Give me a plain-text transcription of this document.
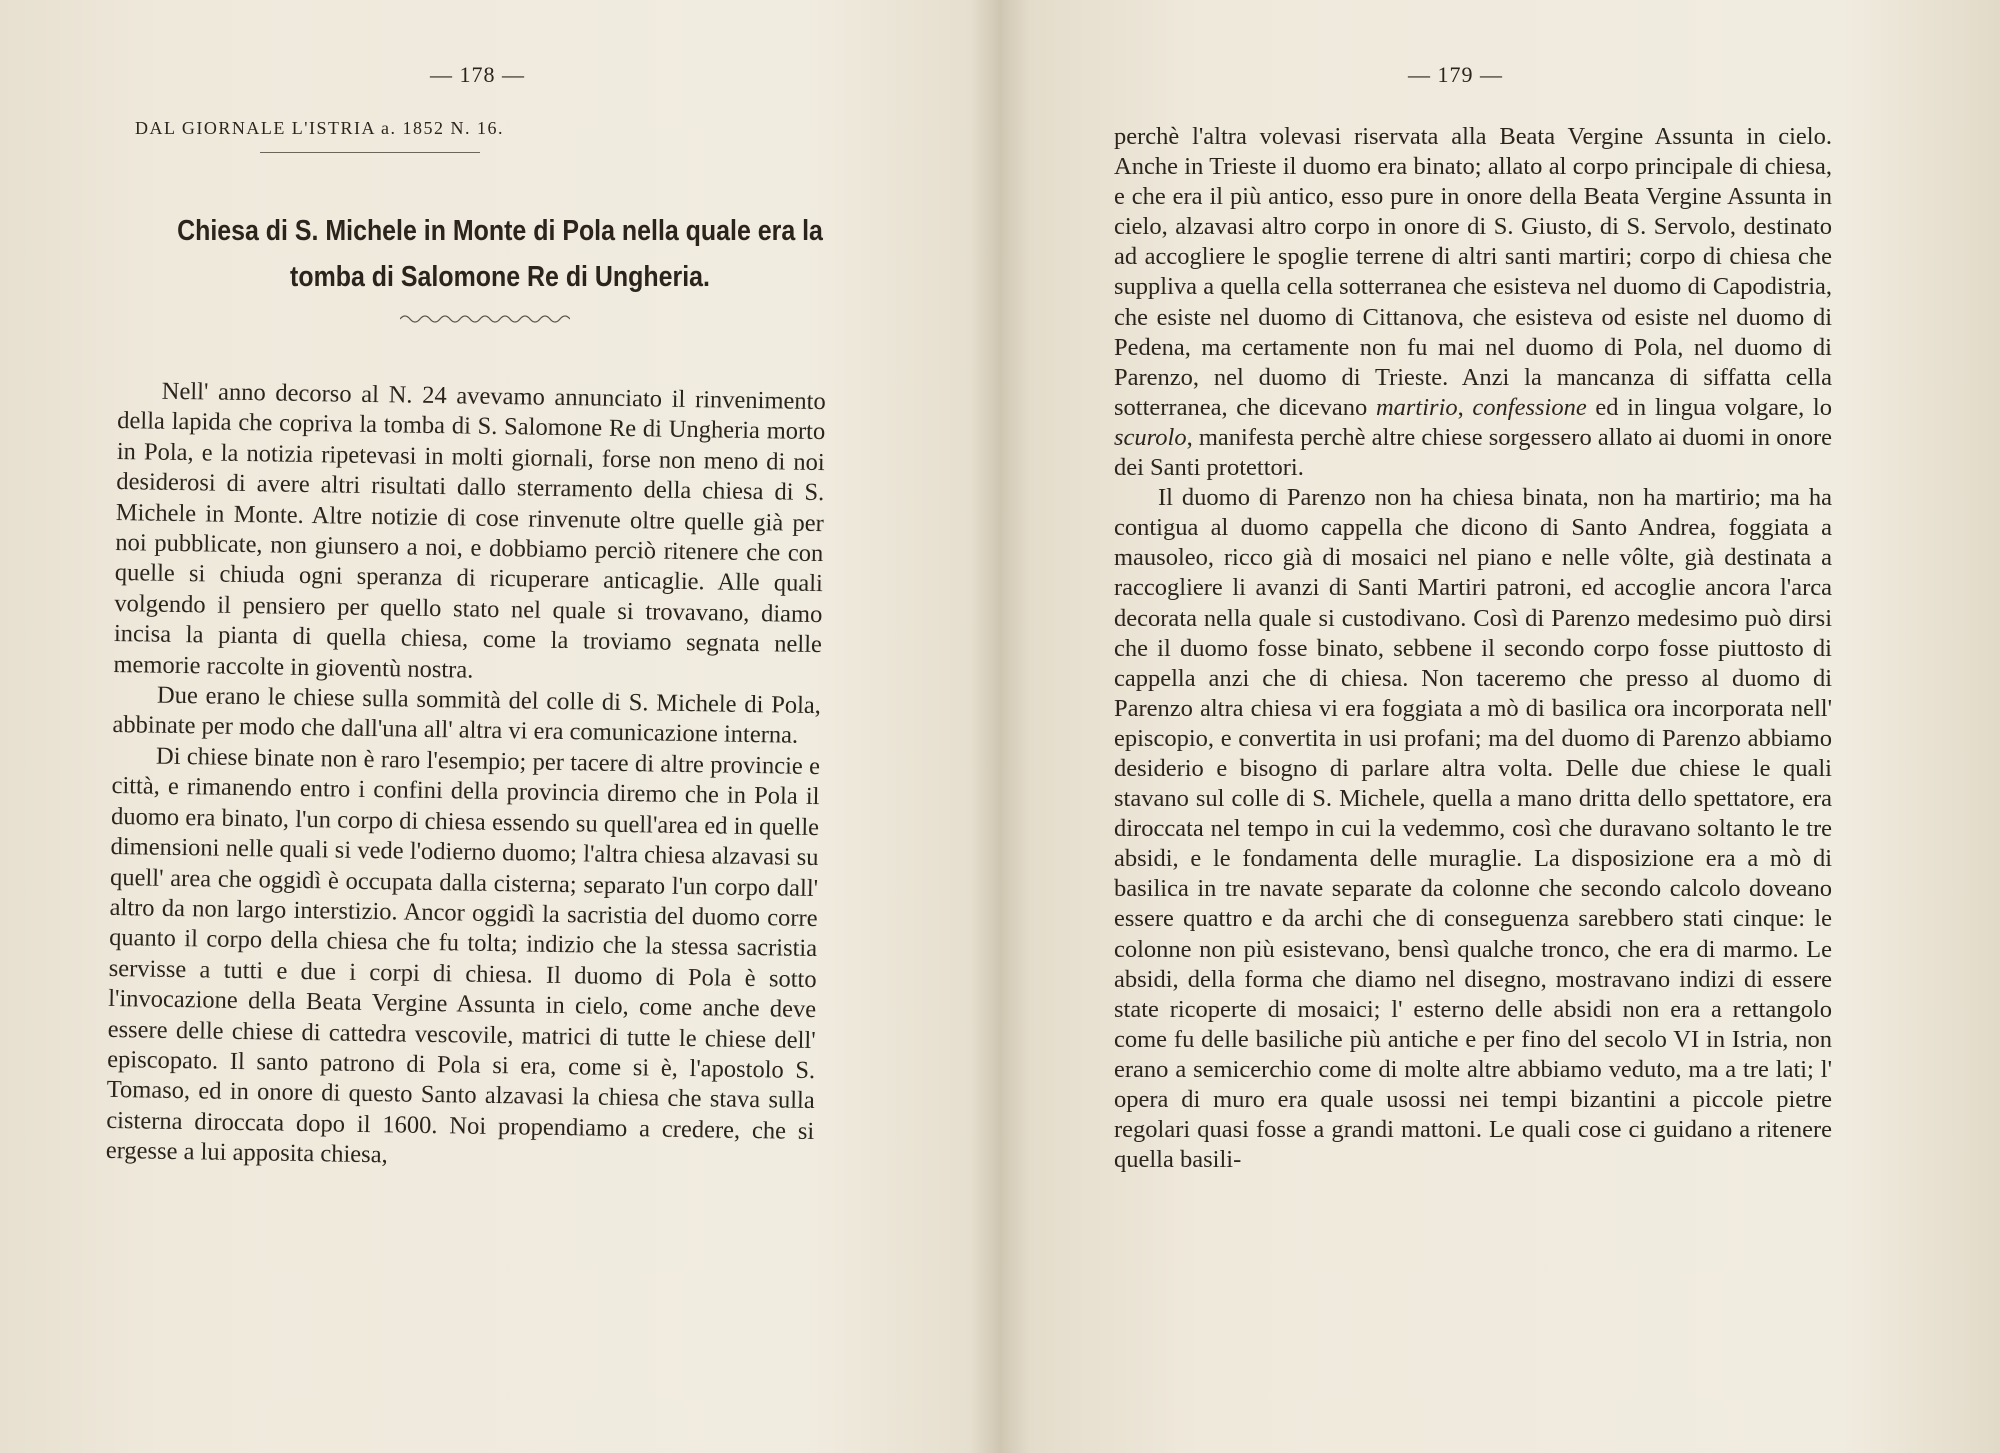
— 178 —
DAL GIORNALE L'ISTRIA a. 1852 N. 16.
Chiesa di S. Michele in Monte di Pola nella quale era la tomba di Salomone Re di Ungheria.

Nell' anno decorso al N. 24 avevamo annunciato il rinvenimento della lapida che copriva la tomba di S. Salomone Re di Ungheria morto in Pola, e la notizia ripetevasi in molti giornali, forse non meno di noi desiderosi di avere altri risultati dallo sterramento della chiesa di S. Michele in Monte. Altre notizie di cose rinvenute oltre quelle già per noi pubblicate, non giunsero a noi, e dobbiamo perciò ritenere che con quelle si chiuda ogni speranza di ricuperare anticaglie. Alle quali volgendo il pensiero per quello stato nel quale si trovavano, diamo incisa la pianta di quella chiesa, come la troviamo segnata nelle memorie raccolte in gioventù nostra.

Due erano le chiese sulla sommità del colle di S. Michele di Pola, abbinate per modo che dall'una all' altra vi era comunicazione interna.

Di chiese binate non è raro l'esempio; per tacere di altre provincie e città, e rimanendo entro i confini della provincia diremo che in Pola il duomo era binato, l'un corpo di chiesa essendo su quell'area ed in quelle dimensioni nelle quali si vede l'odierno duomo; l'altra chiesa alzavasi su quell' area che oggidì è occupata dalla cisterna; separato l'un corpo dall' altro da non largo interstizio. Ancor oggidì la sacristia del duomo corre quanto il corpo della chiesa che fu tolta; indizio che la stessa sacristia servisse a tutti e due i corpi di chiesa. Il duomo di Pola è sotto l'invocazione della Beata Vergine Assunta in cielo, come anche deve essere delle chiese di cattedra vescovile, matrici di tutte le chiese dell' episcopato. Il santo patrono di Pola si era, come si è, l'apostolo S. Tomaso, ed in onore di questo Santo alzavasi la chiesa che stava sulla cisterna diroccata dopo il 1600. Noi propendiamo a credere, che si ergesse a lui apposita chiesa,

— 179 —

perchè l'altra volevasi riservata alla Beata Vergine Assunta in cielo. Anche in Trieste il duomo era binato; allato al corpo principale di chiesa, e che era il più antico, esso pure in onore della Beata Vergine Assunta in cielo, alzavasi altro corpo in onore di S. Giusto, di S. Servolo, destinato ad accogliere le spoglie terrene di altri santi martiri; corpo di chiesa che suppliva a quella cella sotterranea che esisteva nel duomo di Capodistria, che esiste nel duomo di Cittanova, che esisteva od esiste nel duomo di Pedena, ma certamente non fu mai nel duomo di Pola, nel duomo di Parenzo, nel duomo di Trieste. Anzi la mancanza di siffatta cella sotterranea, che dicevano martirio, confessione ed in lingua volgare, lo scurolo, manifesta perchè altre chiese sorgessero allato ai duomi in onore dei Santi protettori.

Il duomo di Parenzo non ha chiesa binata, non ha martirio; ma ha contigua al duomo cappella che dicono di Santo Andrea, foggiata a mausoleo, ricco già di mosaici nel piano e nelle vôlte, già destinata a raccogliere li avanzi di Santi Martiri patroni, ed accoglie ancora l'arca decorata nella quale si custodivano. Così di Parenzo medesimo può dirsi che il duomo fosse binato, sebbene il secondo corpo fosse piuttosto di cappella anzi che di chiesa. Non taceremo che presso al duomo di Parenzo altra chiesa vi era foggiata a mò di basilica ora incorporata nell' episcopio, e convertita in usi profani; ma del duomo di Parenzo abbiamo desiderio e bisogno di parlare altra volta. Delle due chiese le quali stavano sul colle di S. Michele, quella a mano dritta dello spettatore, era diroccata nel tempo in cui la vedemmo, così che duravano soltanto le tre absidi, e le fondamenta delle muraglie. La disposizione era a mò di basilica in tre navate separate da colonne che secondo calcolo doveano essere quattro e da archi che di conseguenza sarebbero stati cinque: le colonne non più esistevano, bensì qualche tronco, che era di marmo. Le absidi, della forma che diamo nel disegno, mostravano indizi di essere state ricoperte di mosaici; l' esterno delle absidi non era a rettangolo come fu delle basiliche più antiche e per fino del secolo VI in Istria, non erano a semicerchio come di molte altre abbiamo veduto, ma a tre lati; l' opera di muro era quale usossi nei tempi bizantini a piccole pietre regolari quasi fosse a grandi mattoni. Le quali cose ci guidano a ritenere quella basili-
